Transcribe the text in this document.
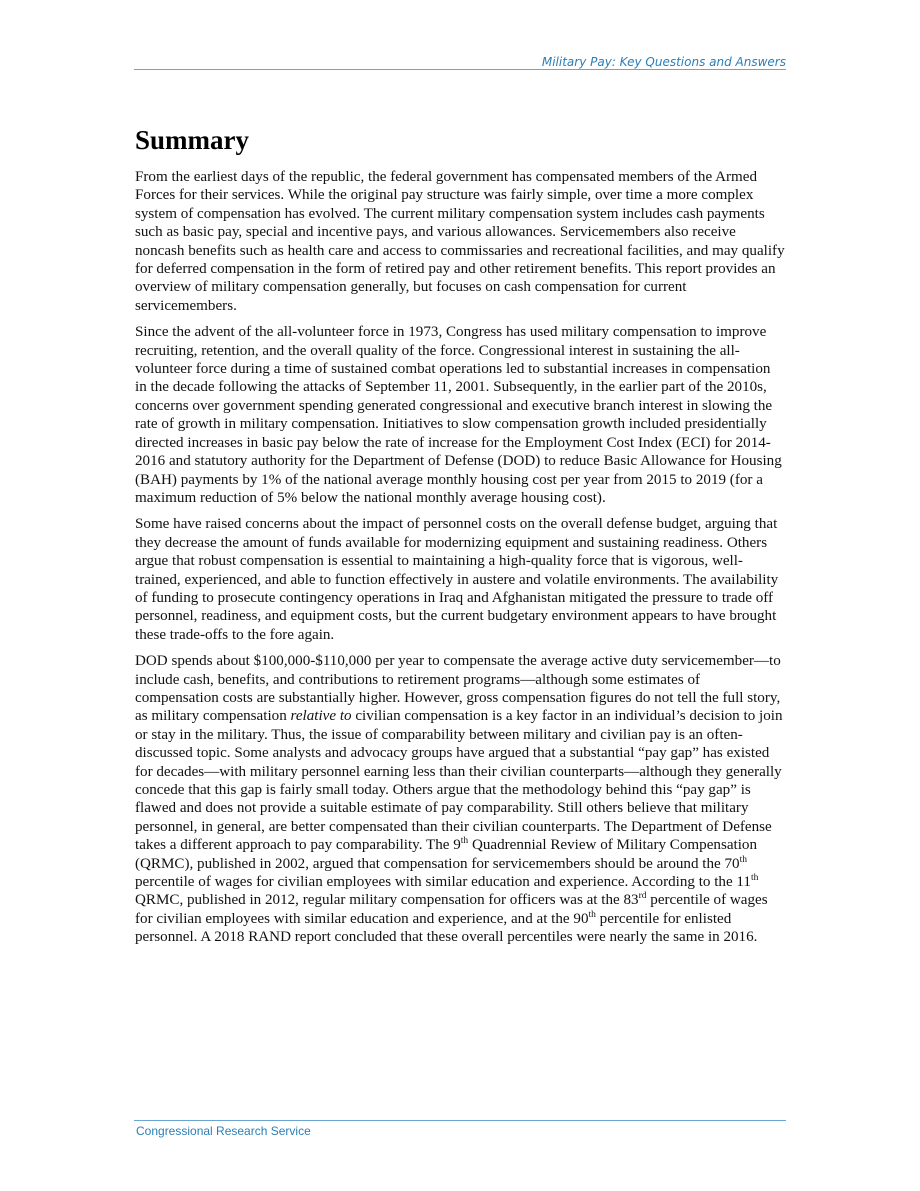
Military Pay: Key Questions and Answers
Summary

From the earliest days of the republic, the federal government has compensated members of the Armed Forces for their services. While the original pay structure was fairly simple, over time a more complex system of compensation has evolved. The current military compensation system includes cash payments such as basic pay, special and incentive pays, and various allowances. Servicemembers also receive noncash benefits such as health care and access to commissaries and recreational facilities, and may qualify for deferred compensation in the form of retired pay and other retirement benefits. This report provides an overview of military compensation generally, but focuses on cash compensation for current servicemembers.

Since the advent of the all-volunteer force in 1973, Congress has used military compensation to improve recruiting, retention, and the overall quality of the force. Congressional interest in sustaining the all-volunteer force during a time of sustained combat operations led to substantial increases in compensation in the decade following the attacks of September 11, 2001. Subsequently, in the earlier part of the 2010s, concerns over government spending generated congressional and executive branch interest in slowing the rate of growth in military compensation. Initiatives to slow compensation growth included presidentially directed increases in basic pay below the rate of increase for the Employment Cost Index (ECI) for 2014-2016 and statutory authority for the Department of Defense (DOD) to reduce Basic Allowance for Housing (BAH) payments by 1% of the national average monthly housing cost per year from 2015 to 2019 (for a maximum reduction of 5% below the national monthly average housing cost).

Some have raised concerns about the impact of personnel costs on the overall defense budget, arguing that they decrease the amount of funds available for modernizing equipment and sustaining readiness. Others argue that robust compensation is essential to maintaining a high-quality force that is vigorous, well-trained, experienced, and able to function effectively in austere and volatile environments. The availability of funding to prosecute contingency operations in Iraq and Afghanistan mitigated the pressure to trade off personnel, readiness, and equipment costs, but the current budgetary environment appears to have brought these trade-offs to the fore again.

DOD spends about $100,000-$110,000 per year to compensate the average active duty servicemember—to include cash, benefits, and contributions to retirement programs—although some estimates of compensation costs are substantially higher. However, gross compensation figures do not tell the full story, as military compensation relative to civilian compensation is a key factor in an individual’s decision to join or stay in the military. Thus, the issue of comparability between military and civilian pay is an often-discussed topic. Some analysts and advocacy groups have argued that a substantial “pay gap” has existed for decades—with military personnel earning less than their civilian counterparts—although they generally concede that this gap is fairly small today. Others argue that the methodology behind this “pay gap” is flawed and does not provide a suitable estimate of pay comparability. Still others believe that military personnel, in general, are better compensated than their civilian counterparts. The Department of Defense takes a different approach to pay comparability. The 9th Quadrennial Review of Military Compensation (QRMC), published in 2002, argued that compensation for servicemembers should be around the 70th percentile of wages for civilian employees with similar education and experience. According to the 11th QRMC, published in 2012, regular military compensation for officers was at the 83rd percentile of wages for civilian employees with similar education and experience, and at the 90th percentile for enlisted personnel. A 2018 RAND report concluded that these overall percentiles were nearly the same in 2016.

Congressional Research Service
